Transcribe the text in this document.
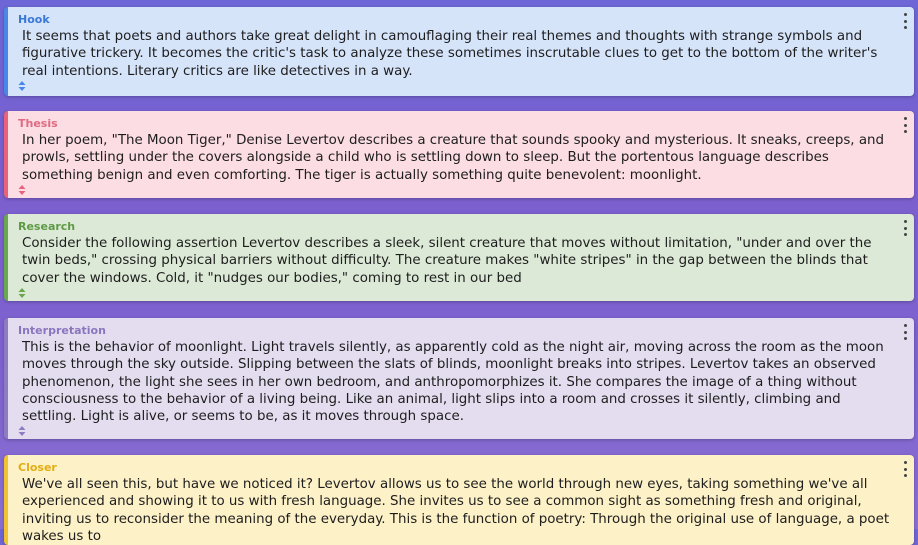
Hook
It seems that poets and authors take great delight in camouflaging their real themes and thoughts with strange symbols and figurative trickery. It becomes the critic's task to analyze these sometimes inscrutable clues to get to the bottom of the writer's real intentions. Literary critics are like detectives in a way.
Thesis
In her poem, "The Moon Tiger," Denise Levertov describes a creature that sounds spooky and mysterious. It sneaks, creeps, and prowls, settling under the covers alongside a child who is settling down to sleep. But the portentous language describes something benign and even comforting. The tiger is actually something quite benevolent: moonlight.
Research
Consider the following assertion Levertov describes a sleek, silent creature that moves without limitation, "under and over the twin beds," crossing physical barriers without difficulty. The creature makes "white stripes" in the gap between the blinds that cover the windows. Cold, it "nudges our bodies," coming to rest in our bed
Interpretation
This is the behavior of moonlight. Light travels silently, as apparently cold as the night air, moving across the room as the moon moves through the sky outside. Slipping between the slats of blinds, moonlight breaks into stripes. Levertov takes an observed phenomenon, the light she sees in her own bedroom, and anthropomorphizes it. She compares the image of a thing without consciousness to the behavior of a living being. Like an animal, light slips into a room and crosses it silently, climbing and settling. Light is alive, or seems to be, as it moves through space.
Closer
We've all seen this, but have we noticed it? Levertov allows us to see the world through new eyes, taking something we've all experienced and showing it to us with fresh language. She invites us to see a common sight as something fresh and original, inviting us to reconsider the meaning of the everyday. This is the function of poetry: Through the original use of language, a poet wakes us to
